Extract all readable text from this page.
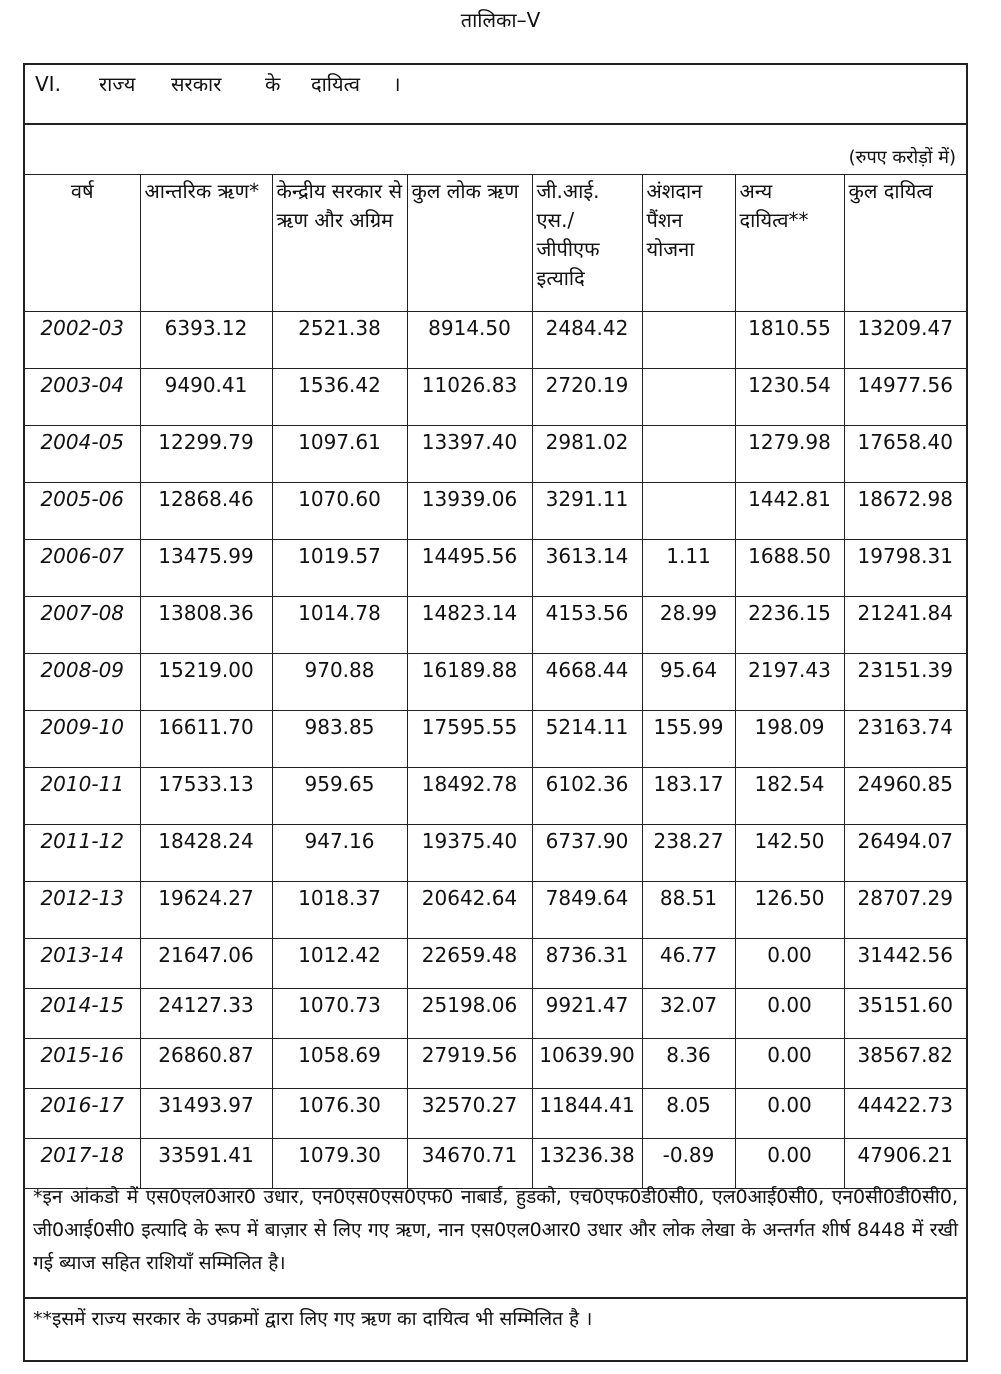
तालिका–V
VI. राज्य सरकार के दायित्व ।
(रुपए करोड़ों में)
वर्ष	आन्तरिक ऋण*	केन्द्रीय सरकार से ऋण और अग्रिम	कुल लोक ऋण	जी.आई. एस./ जीपीएफ इत्यादि	अंशदान पैंशन योजना	अन्य दायित्व**	कुल दायित्व
2002-03	6393.12	2521.38	8914.50	2484.42		1810.55	13209.47
2003-04	9490.41	1536.42	11026.83	2720.19		1230.54	14977.56
2004-05	12299.79	1097.61	13397.40	2981.02		1279.98	17658.40
2005-06	12868.46	1070.60	13939.06	3291.11		1442.81	18672.98
2006-07	13475.99	1019.57	14495.56	3613.14	1.11	1688.50	19798.31
2007-08	13808.36	1014.78	14823.14	4153.56	28.99	2236.15	21241.84
2008-09	15219.00	970.88	16189.88	4668.44	95.64	2197.43	23151.39
2009-10	16611.70	983.85	17595.55	5214.11	155.99	198.09	23163.74
2010-11	17533.13	959.65	18492.78	6102.36	183.17	182.54	24960.85
2011-12	18428.24	947.16	19375.40	6737.90	238.27	142.50	26494.07
2012-13	19624.27	1018.37	20642.64	7849.64	88.51	126.50	28707.29
2013-14	21647.06	1012.42	22659.48	8736.31	46.77	0.00	31442.56
2014-15	24127.33	1070.73	25198.06	9921.47	32.07	0.00	35151.60
2015-16	26860.87	1058.69	27919.56	10639.90	8.36	0.00	38567.82
2016-17	31493.97	1076.30	32570.27	11844.41	8.05	0.00	44422.73
2017-18	33591.41	1079.30	34670.71	13236.38	-0.89	0.00	47906.21
*इन आंकडो में एस0एल0आर0 उधार, एन0एस0एस0एफ0 नाबार्ड, हुडको, एच0एफ0डी0सी0, एल0आई0सी0, एन0सी0डी0सी0, जी0आई0सी0 इत्यादि के रूप में बाज़ार से लिए गए ऋण, नान एस0एल0आर0 उधार और लोक लेखा के अन्तर्गत शीर्ष 8448 में रखी गई ब्याज सहित राशियाँ सम्मिलित है।
**इसमें राज्य सरकार के उपक्रमों द्वारा लिए गए ऋण का दायित्व भी सम्मिलित है ।
